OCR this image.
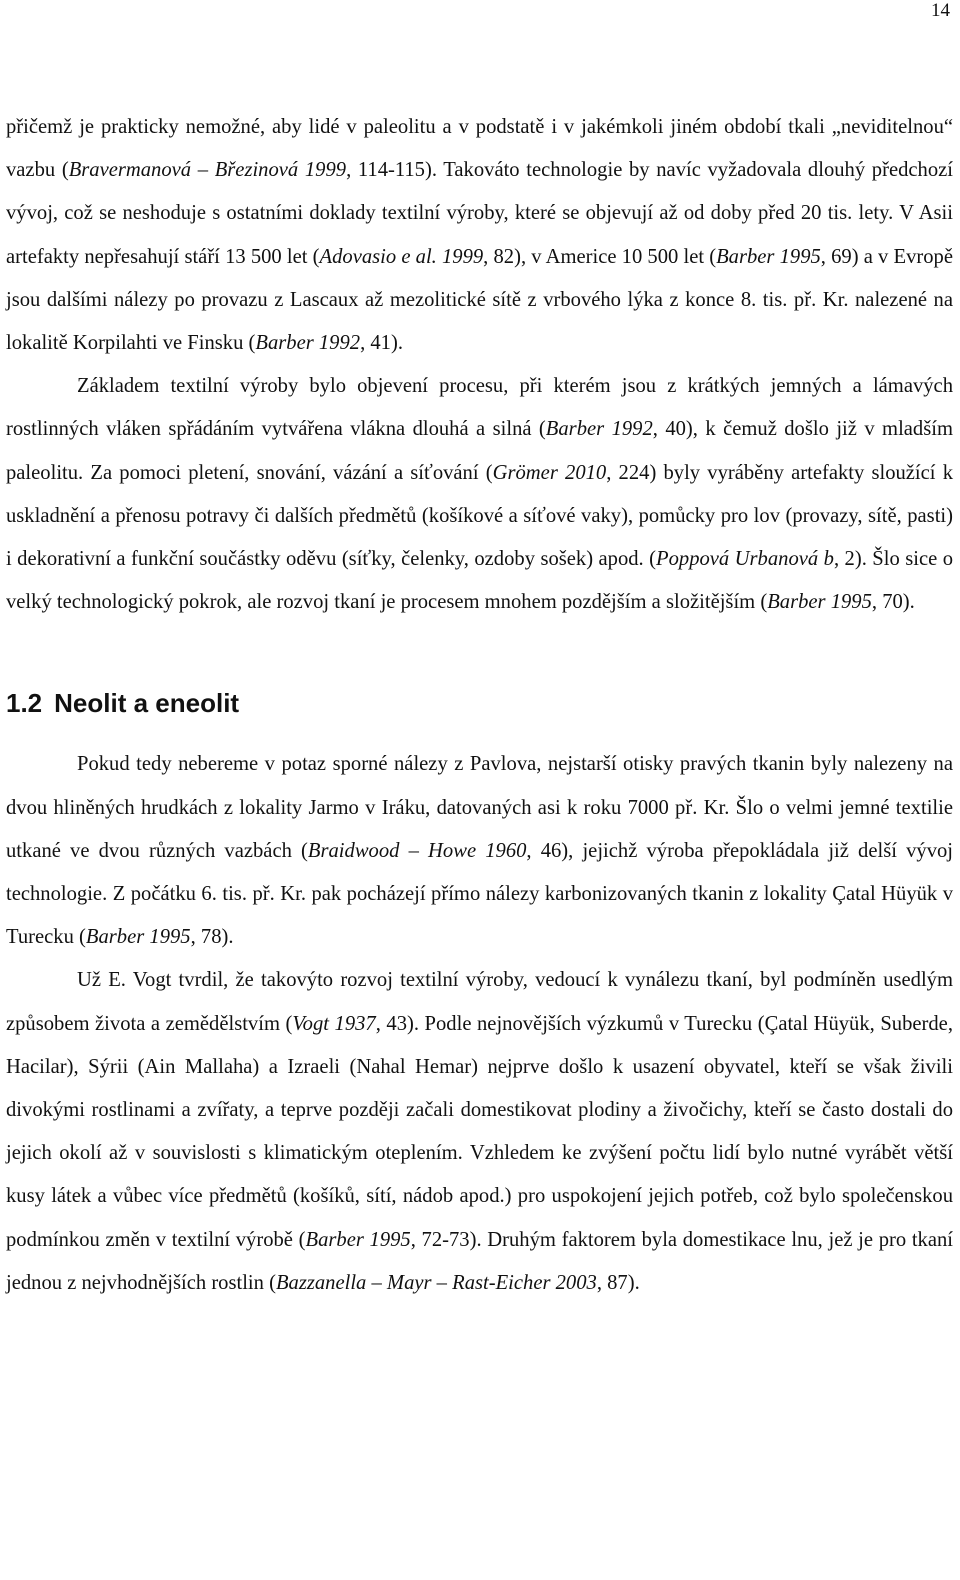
14

přičemž je prakticky nemožné, aby lidé v paleolitu a v podstatě i v jakémkoli jiném období tkali „neviditelnou“ vazbu (Bravermanová – Březinová 1999, 114-115). Takováto technologie by navíc vyžadovala dlouhý předchozí vývoj, což se neshoduje s ostatními doklady textilní výroby, které se objevují až od doby před 20 tis. lety. V Asii artefakty nepřesahují stáří 13 500 let (Adovasio e al. 1999, 82), v Americe 10 500 let (Barber 1995, 69) a v Evropě jsou dalšími nálezy po provazu z Lascaux až mezolitické sítě z vrbového lýka z konce 8. tis. př. Kr. nalezené na lokalitě Korpilahti ve Finsku (Barber 1992, 41).

Základem textilní výroby bylo objevení procesu, při kterém jsou z krátkých jemných a lámavých rostlinných vláken spřádáním vytvářena vlákna dlouhá a silná (Barber 1992, 40), k čemuž došlo již v mladším paleolitu. Za pomoci pletení, snování, vázání a síťování (Grömer 2010, 224) byly vyráběny artefakty sloužící k uskladnění a přenosu potravy či dalších předmětů (košíkové a síťové vaky), pomůcky pro lov (provazy, sítě, pasti) i dekorativní a funkční součástky oděvu (síťky, čelenky, ozdoby sošek) apod. (Poppová Urbanová b, 2). Šlo sice o velký technologický pokrok, ale rozvoj tkaní je procesem mnohem pozdějším a složitějším (Barber 1995, 70).

1.2 Neolit a eneolit

Pokud tedy nebereme v potaz sporné nálezy z Pavlova, nejstarší otisky pravých tkanin byly nalezeny na dvou hliněných hrudkách z lokality Jarmo v Iráku, datovaných asi k roku 7000 př. Kr. Šlo o velmi jemné textilie utkané ve dvou různých vazbách (Braidwood – Howe 1960, 46), jejichž výroba přepokládala již delší vývoj technologie. Z počátku 6. tis. př. Kr. pak pocházejí přímo nálezy karbonizovaných tkanin z lokality Çatal Hüyük v Turecku (Barber 1995, 78).

Už E. Vogt tvrdil, že takovýto rozvoj textilní výroby, vedoucí k vynálezu tkaní, byl podmíněn usedlým způsobem života a zemědělstvím (Vogt 1937, 43). Podle nejnovějších výzkumů v Turecku (Çatal Hüyük, Suberde, Hacilar), Sýrii (Ain Mallaha) a Izraeli (Nahal Hemar) nejprve došlo k usazení obyvatel, kteří se však živili divokými rostlinami a zvířaty, a teprve později začali domestikovat plodiny a živočichy, kteří se často dostali do jejich okolí až v souvislosti s klimatickým oteplením. Vzhledem ke zvýšení počtu lidí bylo nutné vyrábět větší kusy látek a vůbec více předmětů (košíků, sítí, nádob apod.) pro uspokojení jejich potřeb, což bylo společenskou podmínkou změn v textilní výrobě (Barber 1995, 72-73). Druhým faktorem byla domestikace lnu, jež je pro tkaní jednou z nejvhodnějších rostlin (Bazzanella – Mayr – Rast-Eicher 2003, 87).
